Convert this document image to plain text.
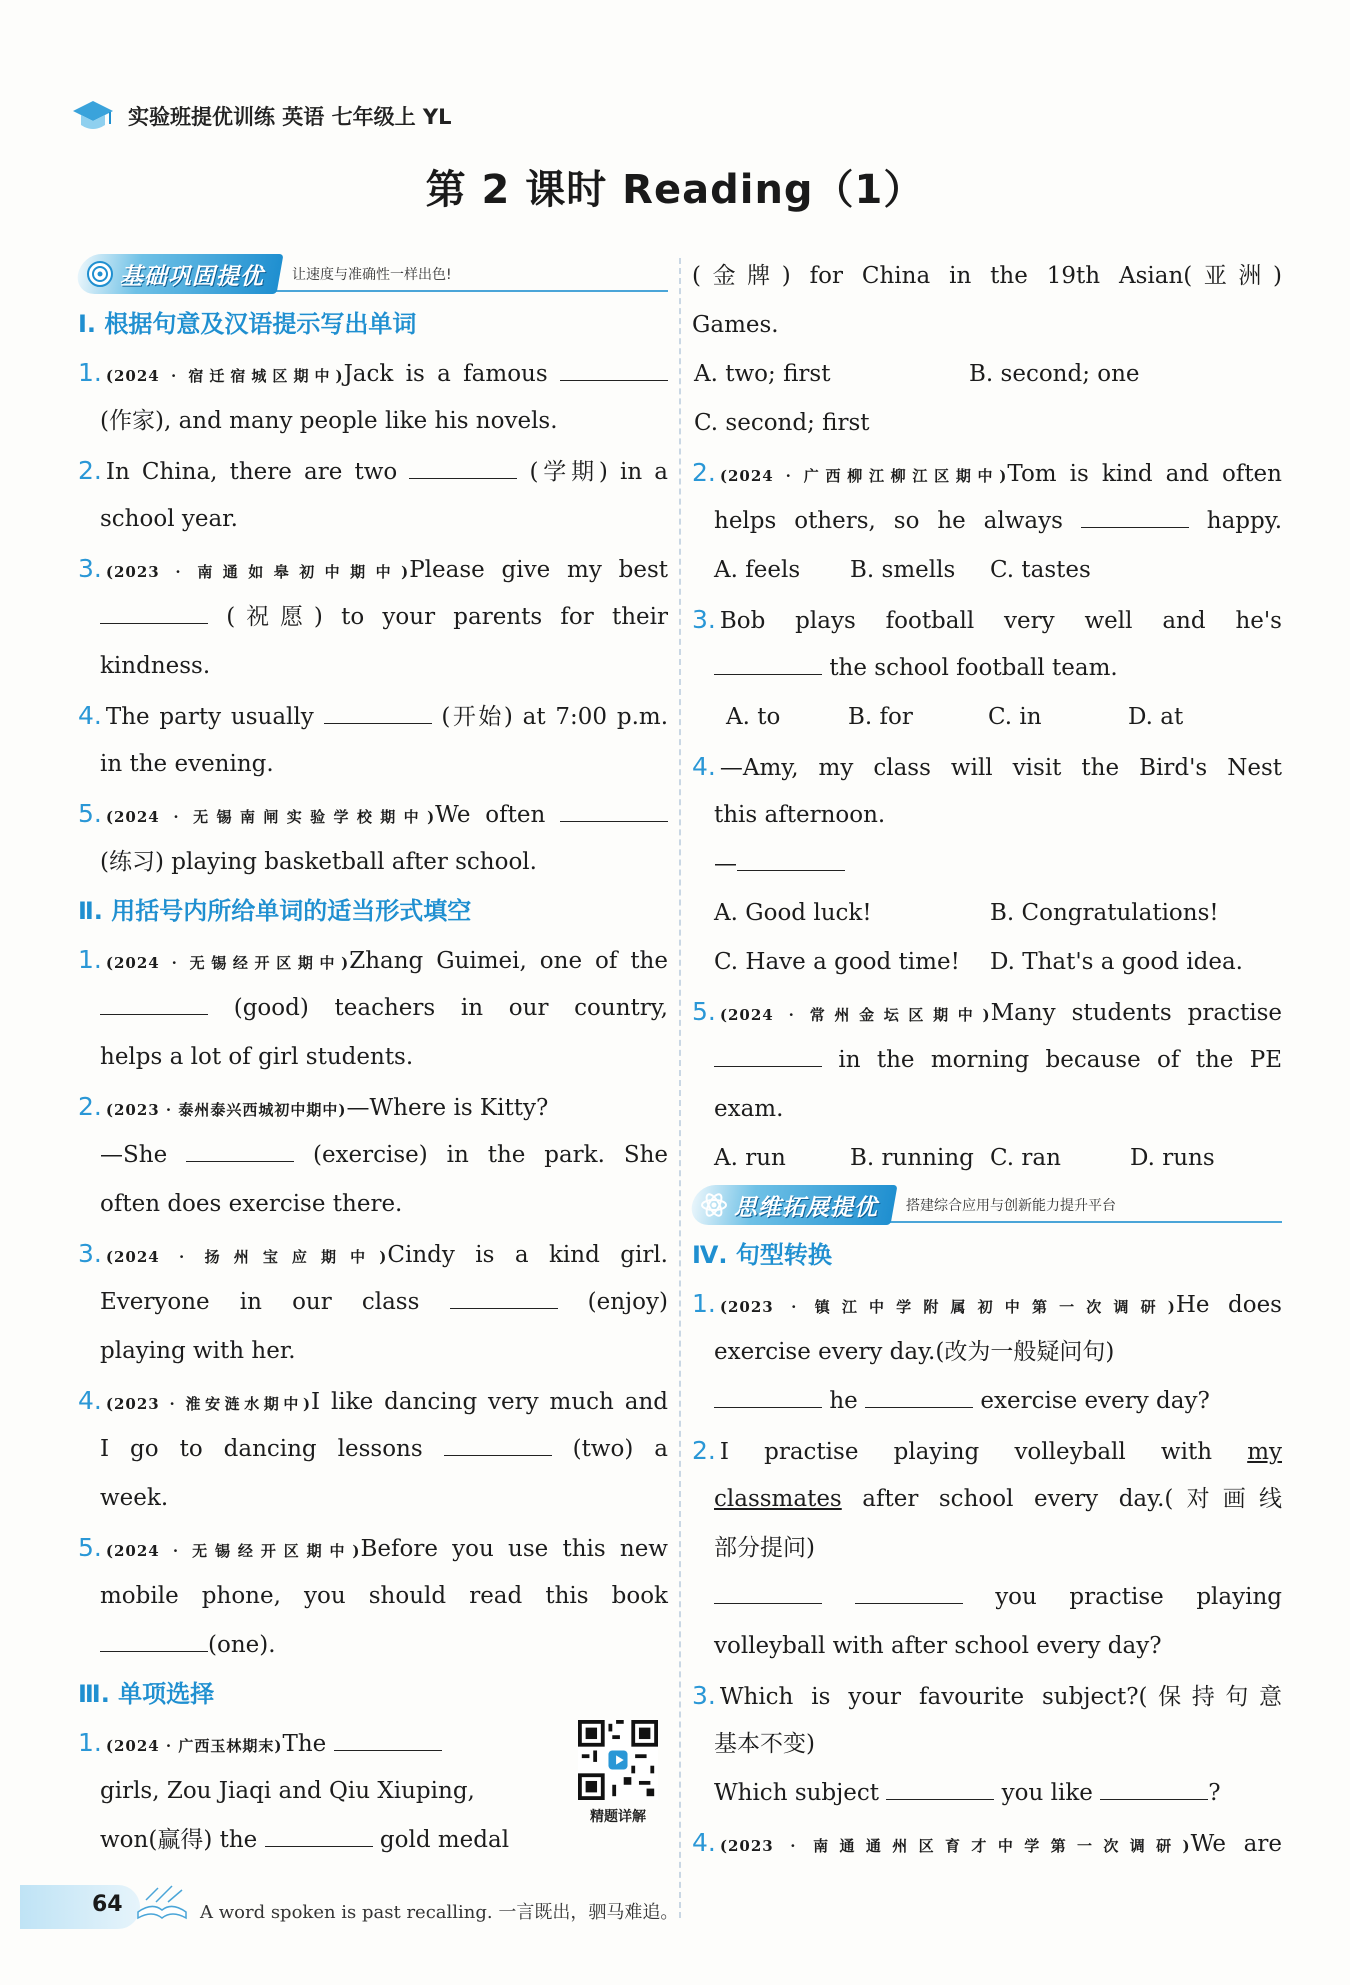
实验班提优训练 英语 七年级上 YL
第 2 课时 Reading（1）
基础巩固提优 让速度与准确性一样出色!
Ⅰ. 根据句意及汉语提示写出单词
1. (2024 · 宿迁宿城区期中)Jack is a famous
(作家), and many people like his novels.
2. In China, there are two	(学期) in a
school year.
3. (2023 · 南通如皋初中期中)Please give my best
(祝愿) to your parents for their
kindness.
4. The party usually	(开始) at 7:00 p.m.
in the evening.
5. (2024 · 无锡南闸实验学校期中)We often
(练习) playing basketball after school.
Ⅱ. 用括号内所给单词的适当形式填空
1. (2024 · 无锡经开区期中)Zhang Guimei, one of the
(good) teachers in our country,
helps a lot of girl students.
2. (2023 · 泰州泰兴西城初中期中)—Where is Kitty?
—She	(exercise) in the park. She
often does exercise there.
3. (2024 · 扬州宝应期中)Cindy is a kind girl.
Everyone in our class	(enjoy)
playing with her.
4. (2023 · 淮安涟水期中)I like dancing very much and
I go to dancing lessons	(two) a
week.
5. (2024 · 无锡经开区期中)Before you use this new
mobile phone, you should read this book
(one).
Ⅲ. 单项选择
1. (2024 · 广西玉林期末)The
girls, Zou Jiaqi and Qiu Xiuping,
won(赢得) the	gold medal
精题详解
(金牌) for China in the 19th Asian(亚洲)
Games.
A. two; first	B. second; one
C. second; first
2. (2024 · 广西柳江柳江区期中)Tom is kind and often
helps others, so he always	happy.
A. feels	B. smells	C. tastes
3. Bob plays football very well and he's
the school football team.
A. to	B. for	C. in	D. at
4. —Amy, my class will visit the Bird's Nest
this afternoon.
—
A. Good luck!	B. Congratulations!
C. Have a good time!	D. That's a good idea.
5. (2024 · 常州金坛区期中)Many students practise
in the morning because of the PE
exam.
A. run	B. running C. ran	D. runs
思维拓展提优 搭建综合应用与创新能力提升平台
Ⅳ. 句型转换
1. (2023 · 镇江中学附属初中第一次调研)He does
exercise every day.(改为一般疑问句)
he	exercise every day?
2. I practise playing volleyball with my
classmates after school every day.(对画线
部分提问)
you practise playing
volleyball with after school every day?
3. Which is your favourite subject?(保持句意
基本不变)
Which subject	you like	?
4. (2023 · 南通通州区育才中学第一次调研)We are
64	A word spoken is past recalling. 一言既出，驷马难追。
